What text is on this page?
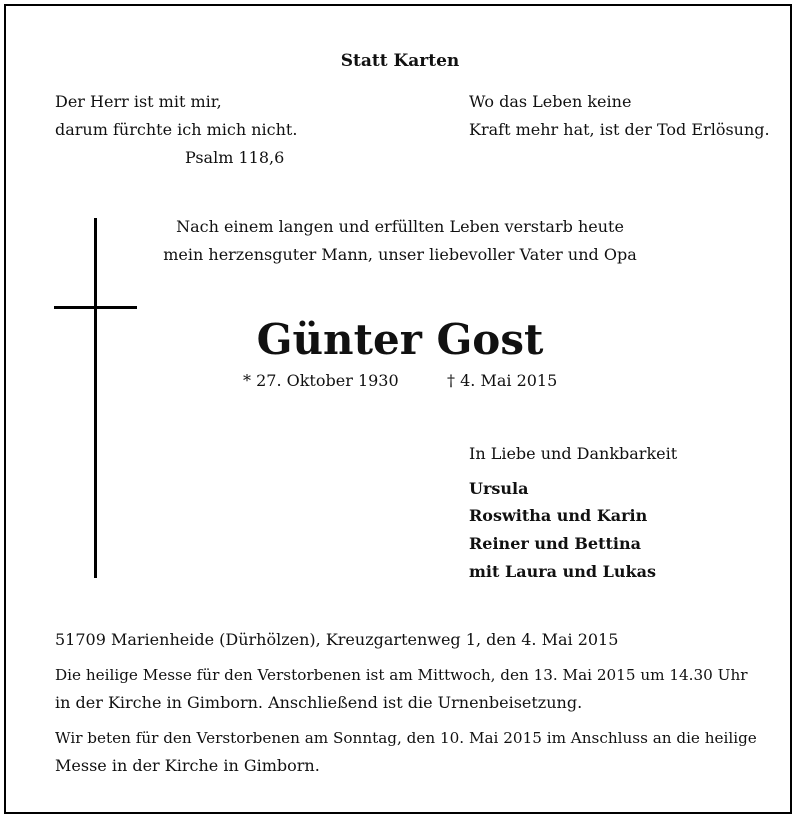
Statt Karten
Der Herr ist mit mir,
darum fürchte ich mich nicht.
Psalm 118,6
Wo das Leben keine
Kraft mehr hat, ist der Tod Erlösung.
Nach einem langen und erfüllten Leben verstarb heute
mein herzensguter Mann, unser liebevoller Vater und Opa
Günter Gost
* 27. Oktober 1930	† 4. Mai 2015
In Liebe und Dankbarkeit
Ursula
Roswitha und Karin
Reiner und Bettina
mit Laura und Lukas
51709 Marienheide (Dürhölzen), Kreuzgartenweg 1, den 4. Mai 2015
Die heilige Messe für den Verstorbenen ist am Mittwoch, den 13. Mai 2015 um 14.30 Uhr
in der Kirche in Gimborn. Anschließend ist die Urnenbeisetzung.
Wir beten für den Verstorbenen am Sonntag, den 10. Mai 2015 im Anschluss an die heilige
Messe in der Kirche in Gimborn.
